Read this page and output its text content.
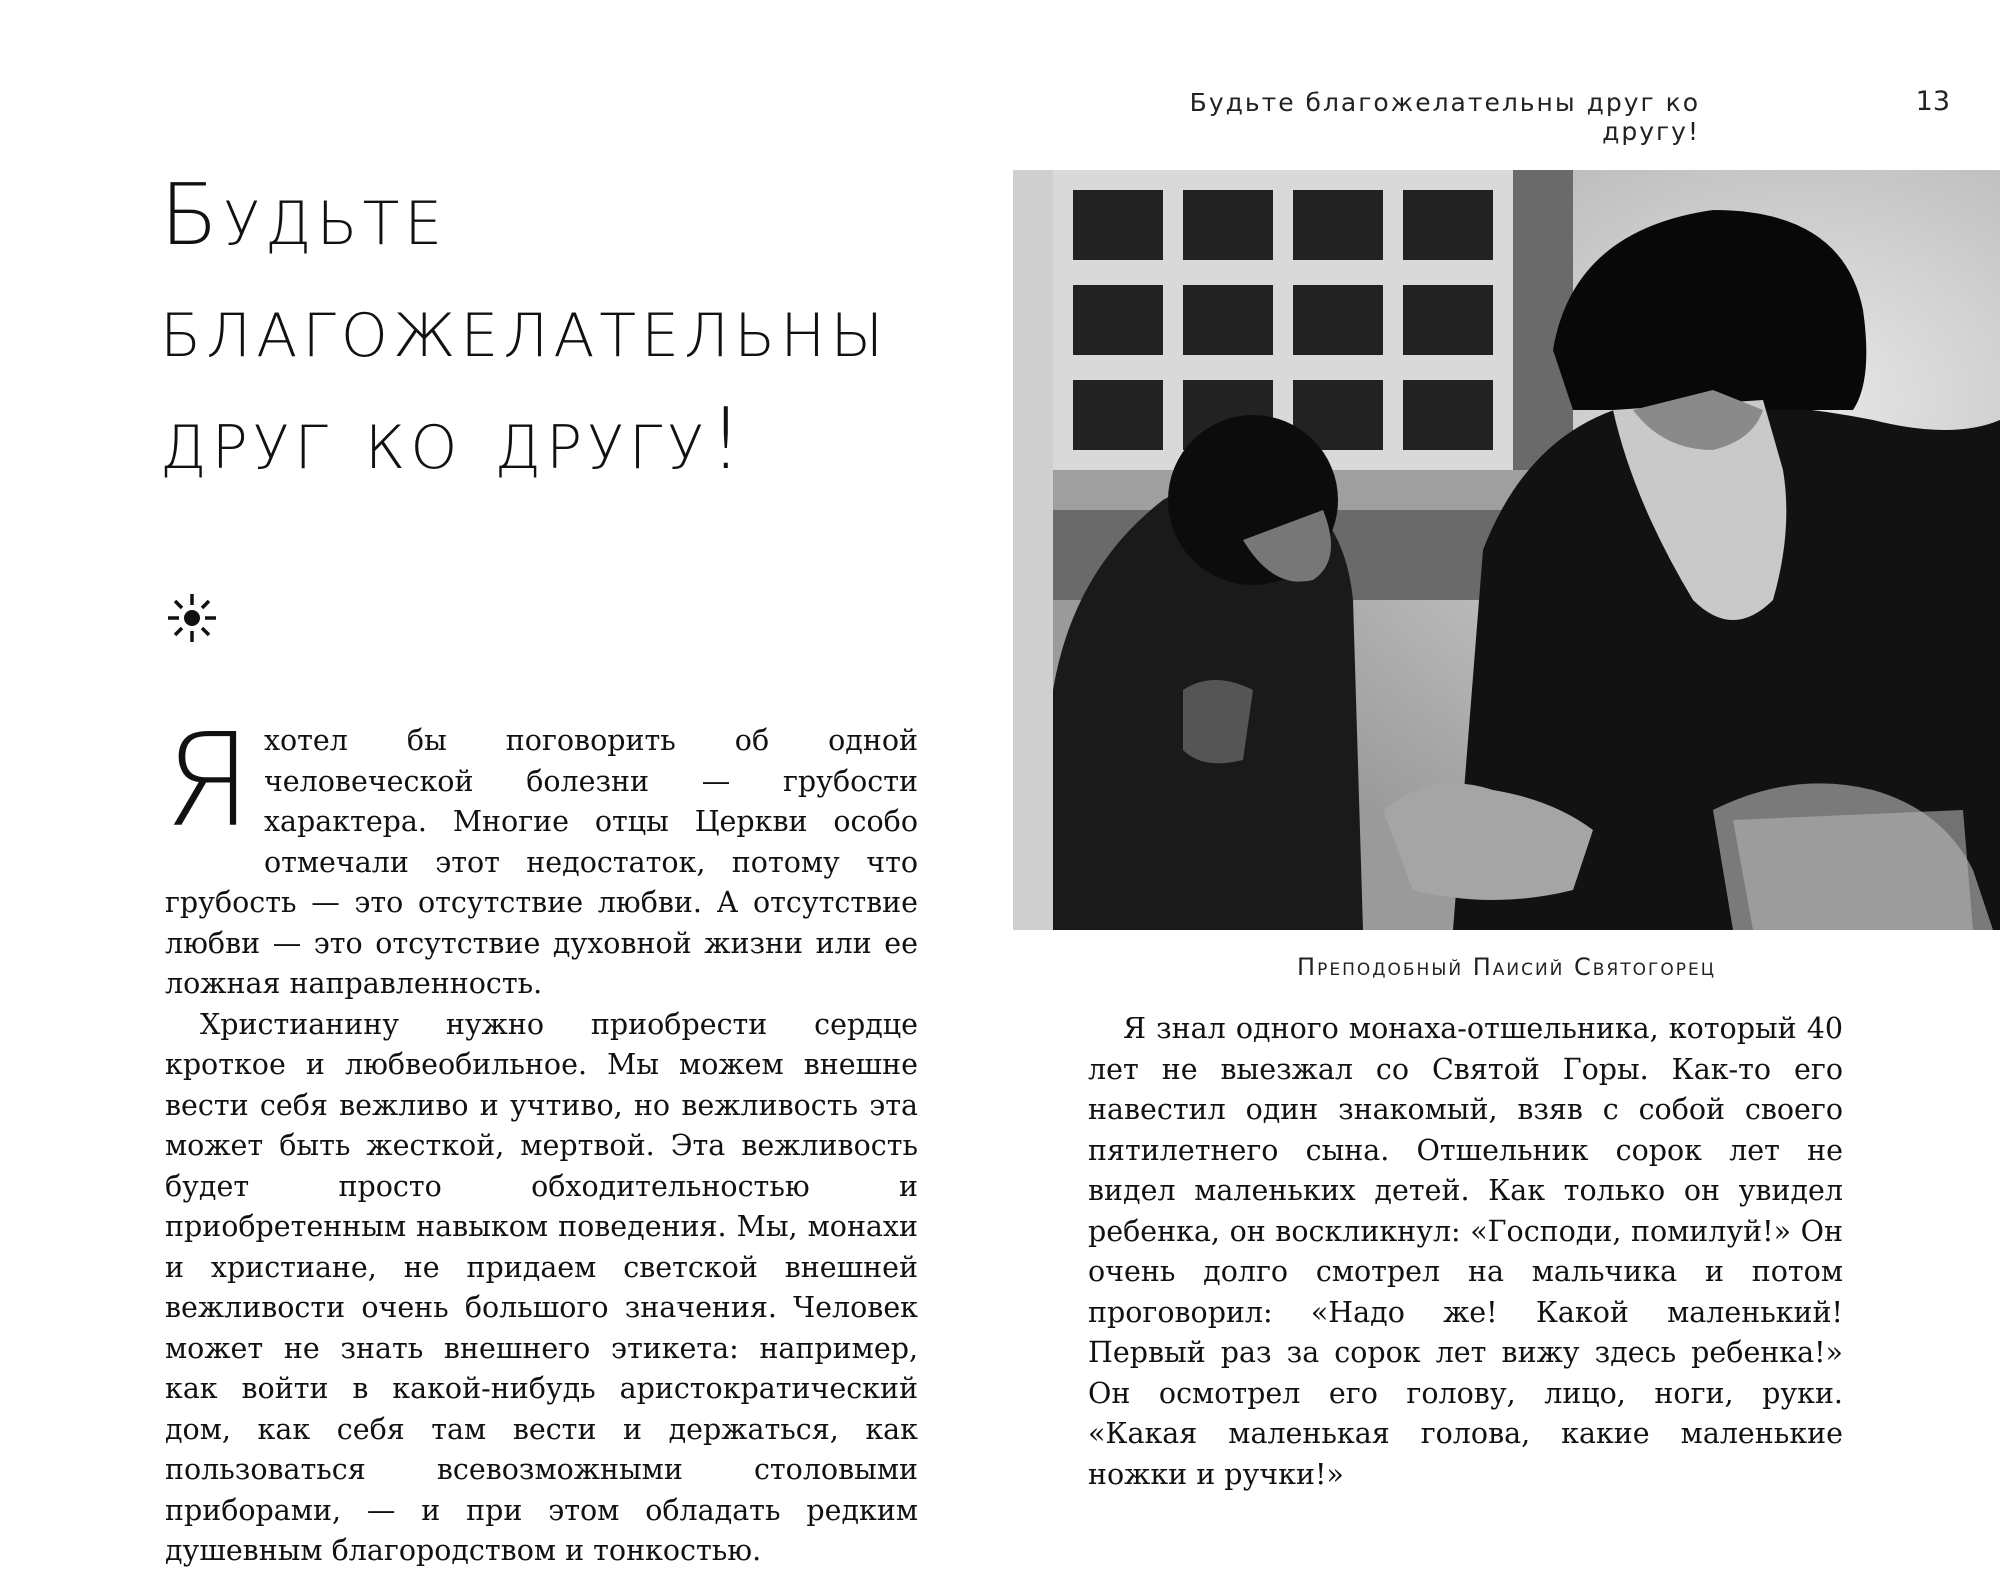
Будьте благожелательны друг ко другу!
13
Будьте
благожелательны
друг ко другу!

Яхотел бы поговорить об одной человеческой болезни — грубости характера. Многие отцы Церкви особо отмечали этот недостаток, потому что грубость — это отсутствие любви. А отсутствие любви — это отсутствие духовной жизни или ее ложная направленность.

Христианину нужно приобрести сердце кроткое и любвеобильное. Мы можем внешне вести себя вежливо и учтиво, но вежливость эта может быть жесткой, мертвой. Эта вежливость будет просто обходительностью и приобретенным навыком поведения. Мы, монахи и христиане, не придаем светской внешней вежливости очень большого значения. Человек может не знать внешнего этикета: например, как войти в какой-нибудь аристократический дом, как себя там вести и держаться, как пользоваться всевозможными столовыми приборами, — и при этом обладать редким душевным благородством и тонкостью.

Преподобный Паисий Святогорец

Я знал одного монаха-отшельника, который 40 лет не выезжал со Святой Горы. Как-то его навестил один знакомый, взяв с собой своего пятилетнего сына. Отшельник сорок лет не видел маленьких детей. Как только он увидел ребенка, он воскликнул: «Господи, помилуй!» Он очень долго смотрел на мальчика и потом проговорил: «Надо же! Какой маленький! Первый раз за сорок лет вижу здесь ребенка!» Он осмотрел его голову, лицо, ноги, руки. «Какая маленькая голова, какие маленькие ножки и ручки!»
